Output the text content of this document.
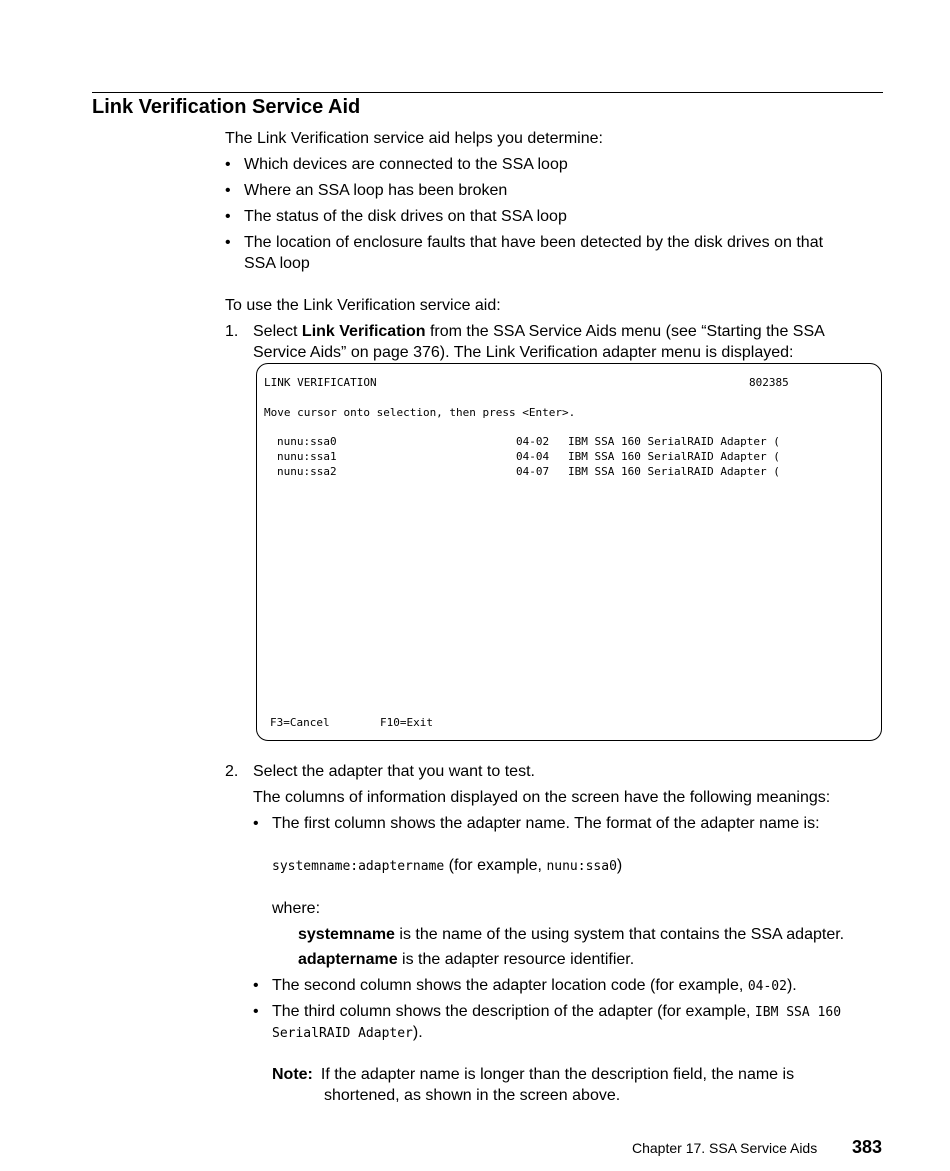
Link Verification Service Aid
The Link Verification service aid helps you determine:
• Which devices are connected to the SSA loop
• Where an SSA loop has been broken
• The status of the disk drives on that SSA loop
• The location of enclosure faults that have been detected by the disk drives on that
SSA loop
To use the Link Verification service aid:
1. Select Link Verification from the SSA Service Aids menu (see “Starting the SSA
Service Aids” on page 376). The Link Verification adapter menu is displayed:
LINK VERIFICATION	802385
Move cursor onto selection, then press <Enter>.
nunu:ssa0	04-02 IBM SSA 160 SerialRAID Adapter (
nunu:ssa1	04-04 IBM SSA 160 SerialRAID Adapter (
nunu:ssa2	04-07 IBM SSA 160 SerialRAID Adapter (
F3=Cancel	F10=Exit
2. Select the adapter that you want to test.
The columns of information displayed on the screen have the following meanings:
• The first column shows the adapter name. The format of the adapter name is:
systemname:adaptername (for example, nunu:ssa0)
where:
systemname is the name of the using system that contains the SSA adapter.
adaptername is the adapter resource identifier.
• The second column shows the adapter location code (for example, 04-02).
• The third column shows the description of the adapter (for example, IBM SSA 160
SerialRAID Adapter).
Note: If the adapter name is longer than the description field, the name is
shortened, as shown in the screen above.
Chapter 17. SSA Service Aids 383
